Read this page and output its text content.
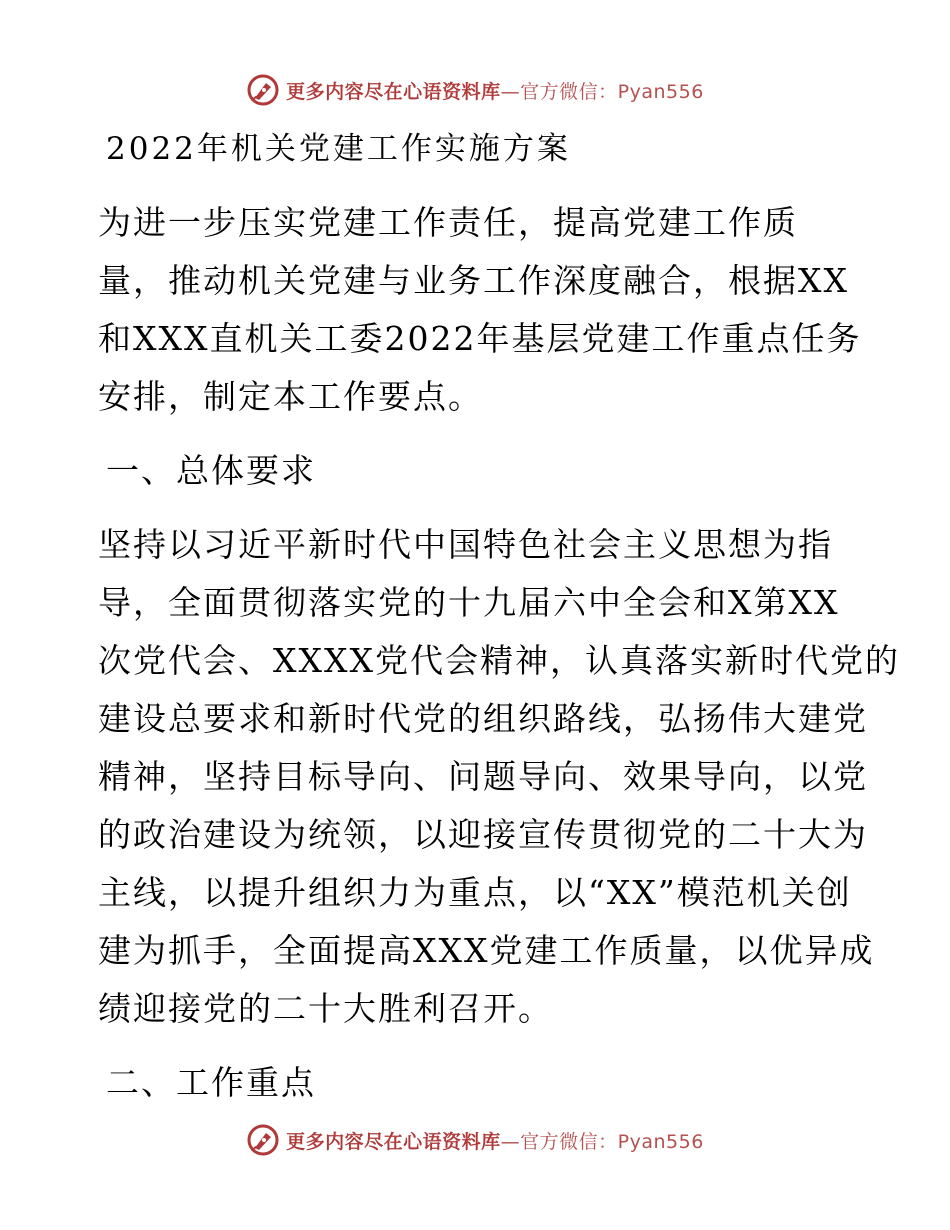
更多内容尽在心语资料库—官方微信：Pyan556
2022年机关党建工作实施方案

为进一步压实党建工作责任，提高党建工作质
量，推动机关党建与业务工作深度融合，根据XX
和XXX直机关工委2022年基层党建工作重点任务
安排，制定本工作要点。

一、总体要求

坚持以习近平新时代中国特色社会主义思想为指
导，全面贯彻落实党的十九届六中全会和X第XX
次党代会、XXXX党代会精神，认真落实新时代党的
建设总要求和新时代党的组织路线，弘扬伟大建党
精神，坚持目标导向、问题导向、效果导向，以党
的政治建设为统领，以迎接宣传贯彻党的二十大为
主线，以提升组织力为重点，以“XX”模范机关创
建为抓手，全面提高XXX党建工作质量，以优异成
绩迎接党的二十大胜利召开。

二、工作重点
更多内容尽在心语资料库—官方微信：Pyan556
